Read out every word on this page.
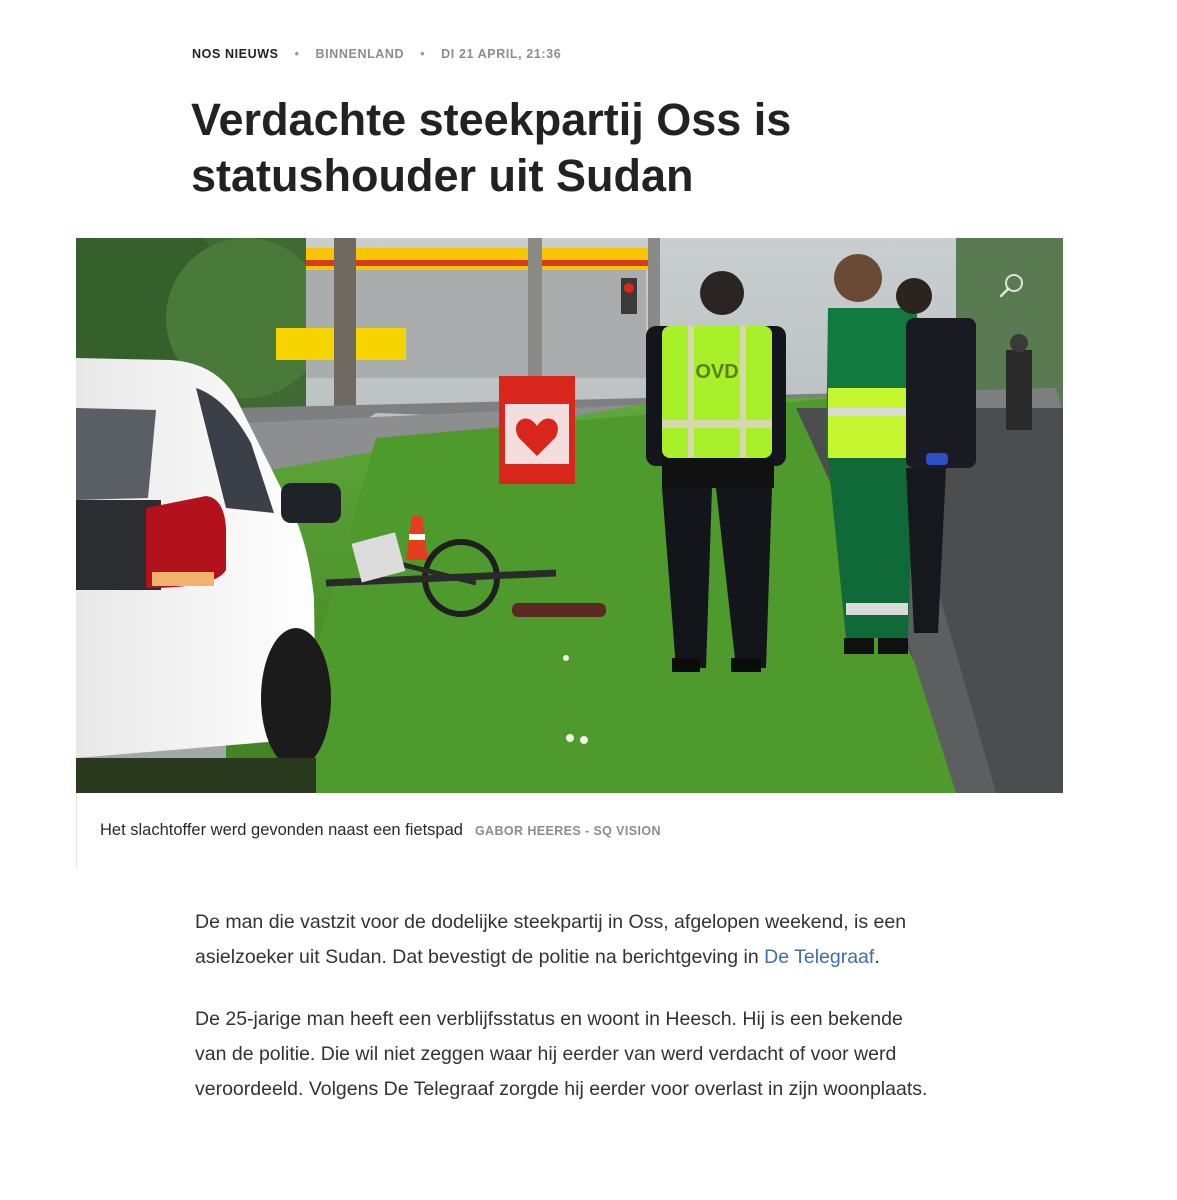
NOS NIEUWS • BINNENLAND • DI 21 APRIL, 21:36
Verdachte steekpartij Oss is statushouder uit Sudan
OVD
Het slachtoffer werd gevonden naast een fietspad GABOR HEERES - SQ VISION

De man die vastzit voor de dodelijke steekpartij in Oss, afgelopen weekend, is een asielzoeker uit Sudan. Dat bevestigt de politie na berichtgeving in De Telegraaf.

De 25-jarige man heeft een verblijfsstatus en woont in Heesch. Hij is een bekende van de politie. Die wil niet zeggen waar hij eerder van werd verdacht of voor werd veroordeeld. Volgens De Telegraaf zorgde hij eerder voor overlast in zijn woonplaats.
